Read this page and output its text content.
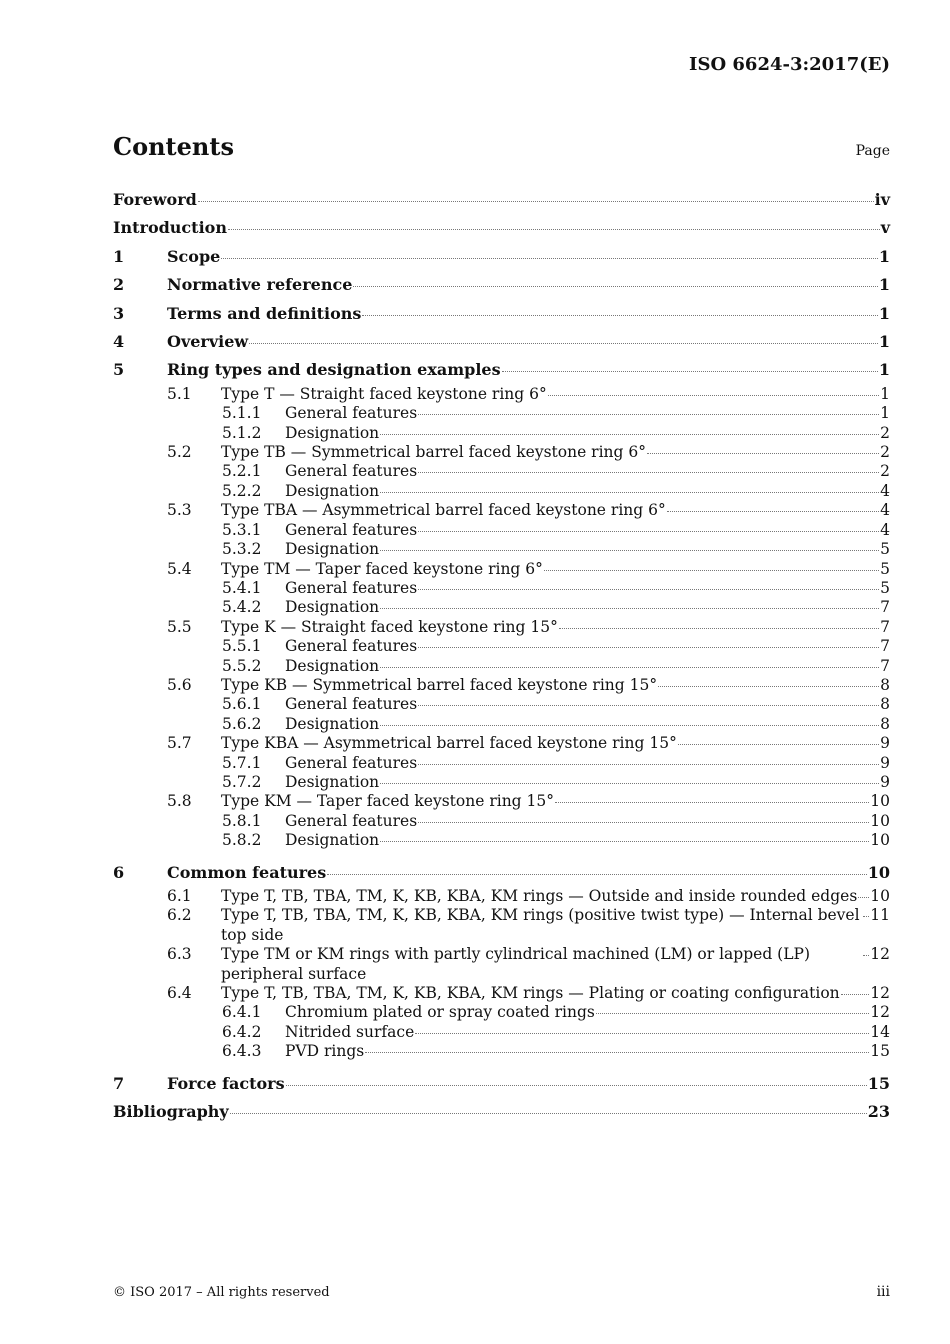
ISO 6624-3:2017(E)
Contents	Page
Foreword	iv
Introduction	v
1	Scope	1
2	Normative reference	1
3	Terms and definitions	1
4	Overview	1
5	Ring types and designation examples	1
5.1	Type T — Straight faced keystone ring 6°	1
5.1.1	General features	1
5.1.2	Designation	2
5.2	Type TB — Symmetrical barrel faced keystone ring 6°	2
5.2.1	General features	2
5.2.2	Designation	4
5.3	Type TBA — Asymmetrical barrel faced keystone ring 6°	4
5.3.1	General features	4
5.3.2	Designation	5
5.4	Type TM — Taper faced keystone ring 6°	5
5.4.1	General features	5
5.4.2	Designation	7
5.5	Type K — Straight faced keystone ring 15°	7
5.5.1	General features	7
5.5.2	Designation	7
5.6	Type KB — Symmetrical barrel faced keystone ring 15°	8
5.6.1	General features	8
5.6.2	Designation	8
5.7	Type KBA — Asymmetrical barrel faced keystone ring 15°	9
5.7.1	General features	9
5.7.2	Designation	9
5.8	Type KM — Taper faced keystone ring 15°	10
5.8.1	General features	10
5.8.2	Designation	10
6	Common features	10
6.1	Type T, TB, TBA, TM, K, KB, KBA, KM rings — Outside and inside rounded edges 10
6.2	Type T, TB, TBA, TM, K, KB, KBA, KM rings (positive twist type) — Internal bevel top side
11
6.3	Type TM or KM rings with partly cylindrical machined (LM) or lapped (LP) peripheral surface
12
6.4	Type T, TB, TBA, TM, K, KB, KBA, KM rings — Plating or coating configuration 12
6.4.1	Chromium plated or spray coated rings	12
6.4.2	Nitrided surface	14
6.4.3	PVD rings	15
7	Force factors	15
Bibliography	23
© ISO 2017 – All rights reserved	iii
